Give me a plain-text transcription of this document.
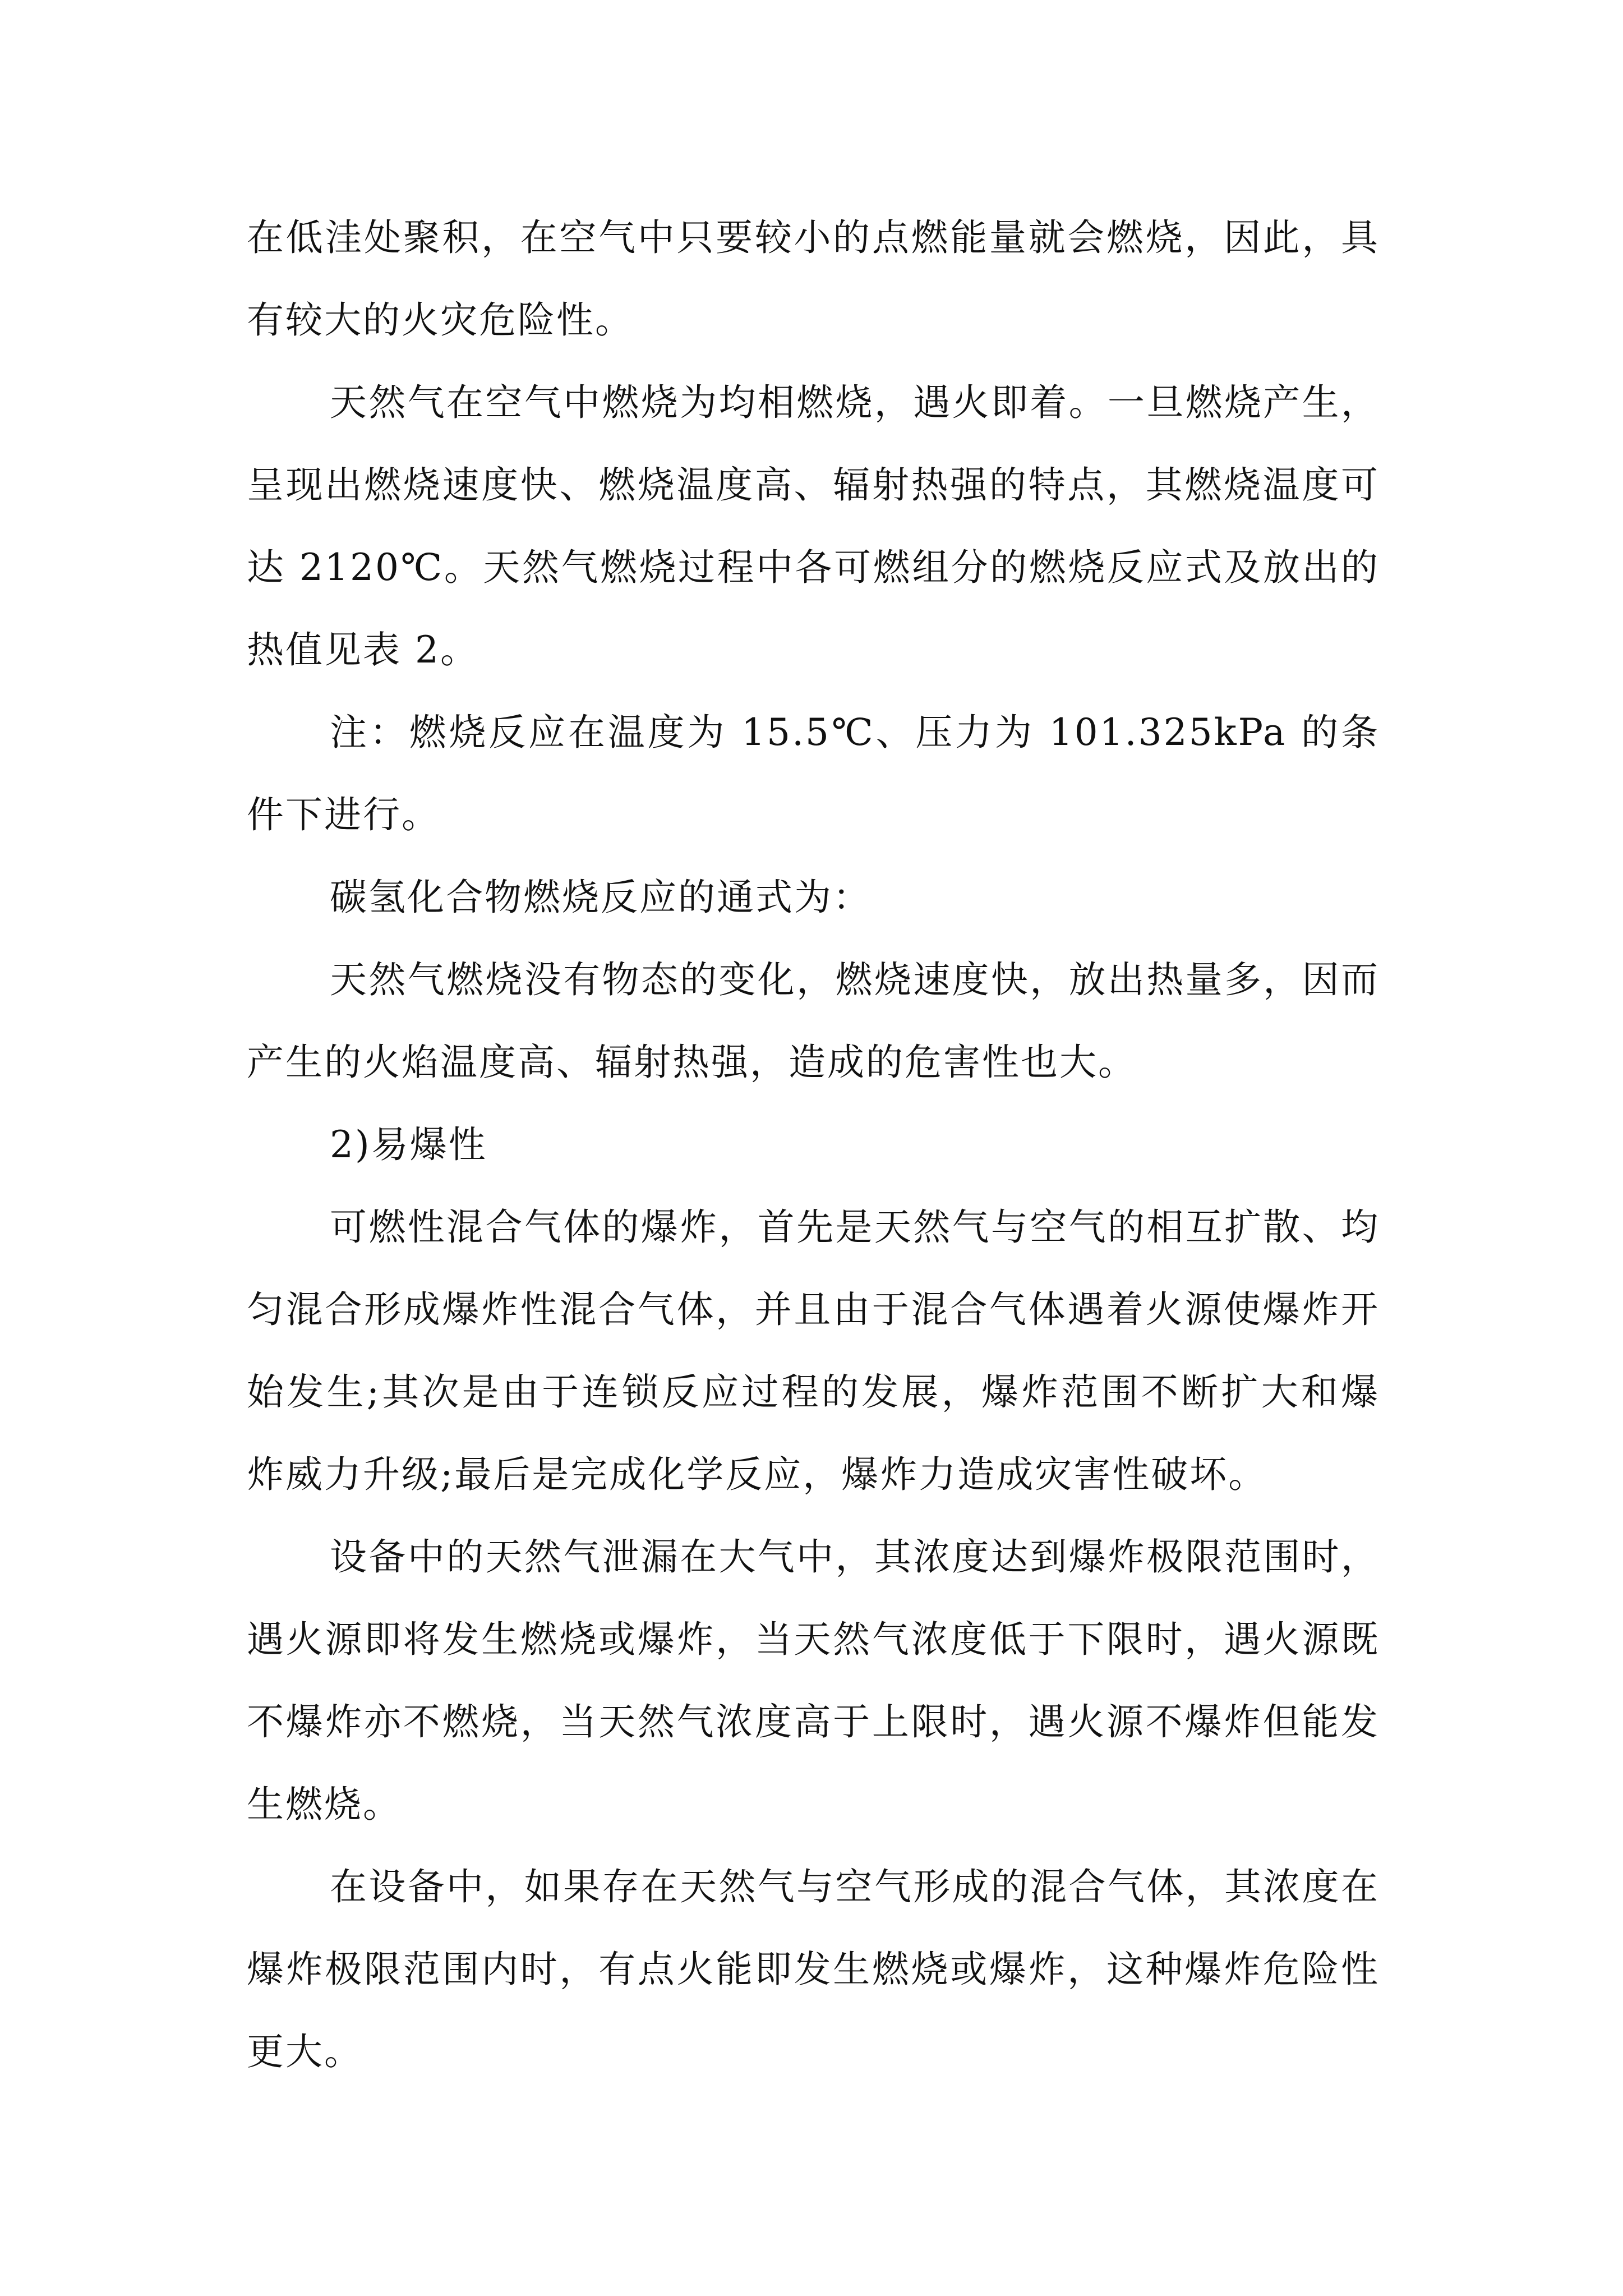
在低洼处聚积，在空气中只要较小的点燃能量就会燃烧，因此，具有较大的火灾危险性。

天然气在空气中燃烧为均相燃烧，遇火即着。一旦燃烧产生，呈现出燃烧速度快、燃烧温度高、辐射热强的特点，其燃烧温度可达 2120℃。天然气燃烧过程中各可燃组分的燃烧反应式及放出的热值见表 2。

注：燃烧反应在温度为 15.5℃、压力为 101.325kPa 的条件下进行。

碳氢化合物燃烧反应的通式为：

天然气燃烧没有物态的变化，燃烧速度快，放出热量多，因而产生的火焰温度高、辐射热强，造成的危害性也大。

2)易爆性

可燃性混合气体的爆炸，首先是天然气与空气的相互扩散、均匀混合形成爆炸性混合气体，并且由于混合气体遇着火源使爆炸开始发生;其次是由于连锁反应过程的发展，爆炸范围不断扩大和爆炸威力升级;最后是完成化学反应，爆炸力造成灾害性破坏。

设备中的天然气泄漏在大气中，其浓度达到爆炸极限范围时，遇火源即将发生燃烧或爆炸，当天然气浓度低于下限时，遇火源既不爆炸亦不燃烧，当天然气浓度高于上限时，遇火源不爆炸但能发生燃烧。

在设备中，如果存在天然气与空气形成的混合气体，其浓度在爆炸极限范围内时，有点火能即发生燃烧或爆炸，这种爆炸危险性更大。
